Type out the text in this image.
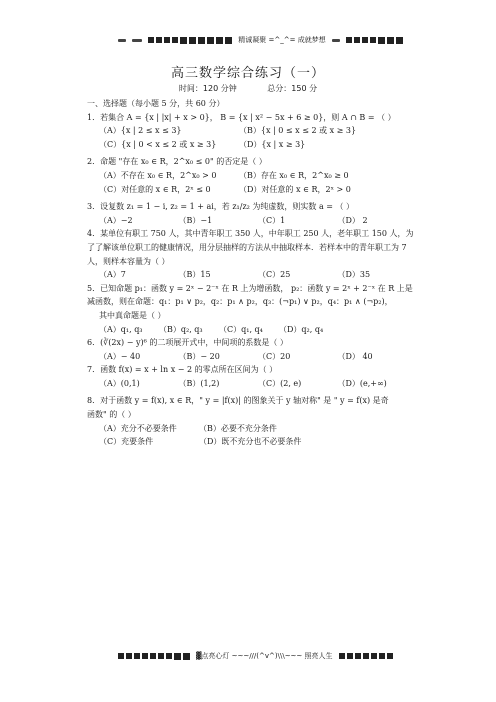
精诚凝聚 =^_^= 成就梦想
高三数学综合练习（一）
时间：120 分钟	总分：150 分
一、选择题（每小题 5 分，共 60 分）
1．若集合 A = {x | |x| + x > 0}， B = {x | x² − 5x + 6 ≥ 0}，则 A ∩ B = （ ）
（A）{x | 2 ≤ x ≤ 3}	（B）{x | 0 ≤ x ≤ 2 或 x ≥ 3}
（C）{x | 0 < x ≤ 2 或 x ≥ 3}	（D）{x | x ≥ 3}
2．命题 "存在 x₀ ∈ R，2^x₀ ≤ 0" 的否定是（ ）
（A）不存在 x₀ ∈ R，2^x₀ > 0	（B）存在 x₀ ∈ R，2^x₀ ≥ 0
（C）对任意的 x ∈ R，2ˣ ≤ 0	（D）对任意的 x ∈ R，2ˣ > 0
3．设复数 z₁ = 1 − i, z₂ = 1 + ai，若 z₁/z₂ 为纯虚数，则实数 a = （ ）
（A）−2	（B）−1	（C）1	（D） 2
4．某单位有职工 750 人，其中青年职工 350 人，中年职工 250 人，老年职工 150 人，为了了解该单位职工的健康情况，用分层抽样的方法从中抽取样本．若样本中的青年职工为 7 人，则样本容量为（ ）
（A）7	（B）15	（C）25	（D）35
5．已知命题 p₁：函数 y = 2ˣ − 2⁻ˣ 在 R 上为增函数， p₂：函数 y = 2ˣ + 2⁻ˣ 在 R 上是
减函数，则在命题：q₁：p₁ ∨ p₂，q₂：p₁ ∧ p₂，q₃：(¬p₁) ∨ p₂，q₄：p₁ ∧ (¬p₂)，
其中真命题是（ ）
（A）q₁, q₃	（B）q₂, q₃	（C）q₁, q₄	（D）q₂, q₄
6．(∛(2x) − y)⁶ 的二项展开式中，中间项的系数是（ ）
（A）− 40	（B）− 20	（C）20	（D） 40
7．函数 f(x) = x + ln x − 2 的零点所在区间为（ ）
（A）(0,1)	（B）(1,2)	（C）(2, e)	（D）(e,+∞)
8．对于函数 y = f(x), x ∈ R，" y = |f(x)| 的图象关于 y 轴对称" 是 " y = f(x) 是奇
函数" 的（ ）
（A）充分不必要条件	（B）必要不充分条件
（C）充要条件	（D）既不充分也不必要条件
▓点亮心灯 ~~~///(^v^)\\\~~~ 照亮人生
